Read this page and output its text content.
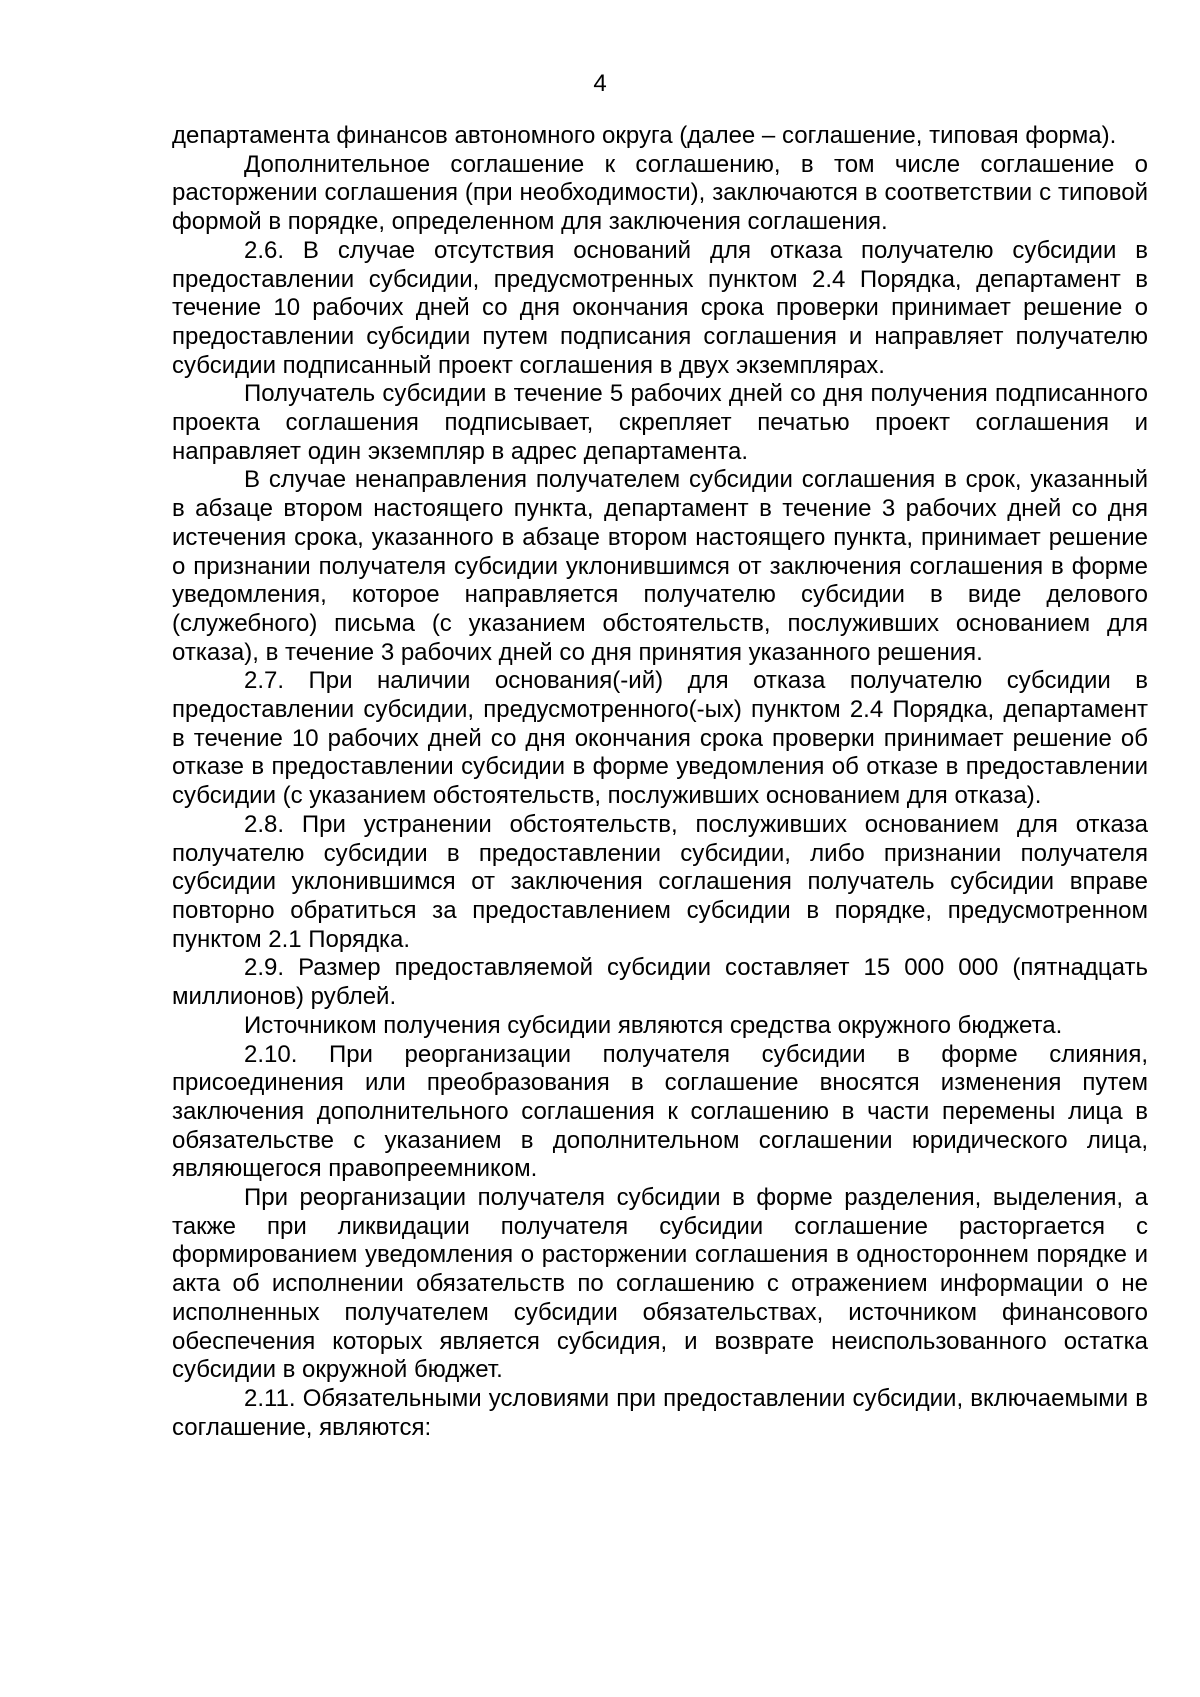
4

департамента финансов автономного округа (далее – соглашение, типовая форма).

Дополнительное соглашение к соглашению, в том числе соглашение о расторжении соглашения (при необходимости), заключаются в соответствии с типовой формой в порядке, определенном для заключения соглашения.

2.6. В случае отсутствия оснований для отказа получателю субсидии в предоставлении субсидии, предусмотренных пунктом 2.4 Порядка, департамент в течение 10 рабочих дней со дня окончания срока проверки принимает решение о предоставлении субсидии путем подписания соглашения и направляет получателю субсидии подписанный проект соглашения в двух экземплярах.

Получатель субсидии в течение 5 рабочих дней со дня получения подписанного проекта соглашения подписывает, скрепляет печатью проект соглашения и направляет один экземпляр в адрес департамента.

В случае ненаправления получателем субсидии соглашения в срок, указанный в абзаце втором настоящего пункта, департамент в течение 3 рабочих дней со дня истечения срока, указанного в абзаце втором настоящего пункта, принимает решение о признании получателя субсидии уклонившимся от заключения соглашения в форме уведомления, которое направляется получателю субсидии в виде делового (служебного) письма (с указанием обстоятельств, послуживших основанием для отказа), в течение 3 рабочих дней со дня принятия указанного решения.

2.7. При наличии основания(-ий) для отказа получателю субсидии в предоставлении субсидии, предусмотренного(-ых) пунктом 2.4 Порядка, департамент в течение 10 рабочих дней со дня окончания срока проверки принимает решение об отказе в предоставлении субсидии в форме уведомления об отказе в предоставлении субсидии (с указанием обстоятельств, послуживших основанием для отказа).

2.8. При устранении обстоятельств, послуживших основанием для отказа получателю субсидии в предоставлении субсидии, либо признании получателя субсидии уклонившимся от заключения соглашения получатель субсидии вправе повторно обратиться за предоставлением субсидии в порядке, предусмотренном пунктом 2.1 Порядка.

2.9. Размер предоставляемой субсидии составляет 15 000 000 (пятнадцать миллионов) рублей.

Источником получения субсидии являются средства окружного бюджета.

2.10. При реорганизации получателя субсидии в форме слияния, присоединения или преобразования в соглашение вносятся изменения путем заключения дополнительного соглашения к соглашению в части перемены лица в обязательстве с указанием в дополнительном соглашении юридического лица, являющегося правопреемником.

При реорганизации получателя субсидии в форме разделения, выделения, а также при ликвидации получателя субсидии соглашение расторгается с формированием уведомления о расторжении соглашения в одностороннем порядке и акта об исполнении обязательств по соглашению с отражением информации о не исполненных получателем субсидии обязательствах, источником финансового обеспечения которых является субсидия, и возврате неиспользованного остатка субсидии в окружной бюджет.

2.11. Обязательными условиями при предоставлении субсидии, включаемыми в соглашение, являются:
